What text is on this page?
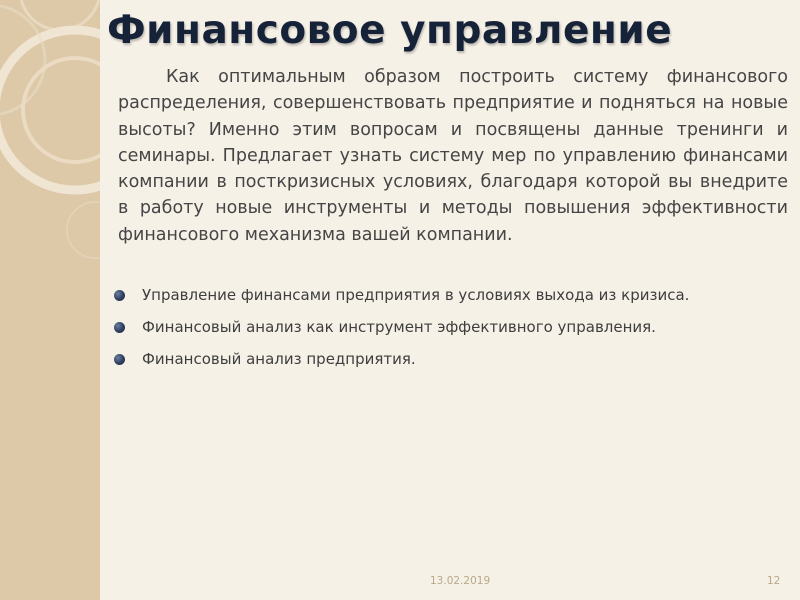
Финансовое управление

Как оптимальным образом построить систему финансового распределения, совершенствовать предприятие и подняться на новые высоты? Именно этим вопросам и посвящены данные тренинги и семинары. Предлагает узнать систему мер по управлению финансами компании в посткризисных условиях, благодаря которой вы внедрите в работу новые инструменты и методы повышения эффективности финансового механизма вашей компании.

Управление финансами предприятия в условиях выхода из кризиса.
Финансовый анализ как инструмент эффективного управления.
Финансовый анализ предприятия.
13.02.2019	12
